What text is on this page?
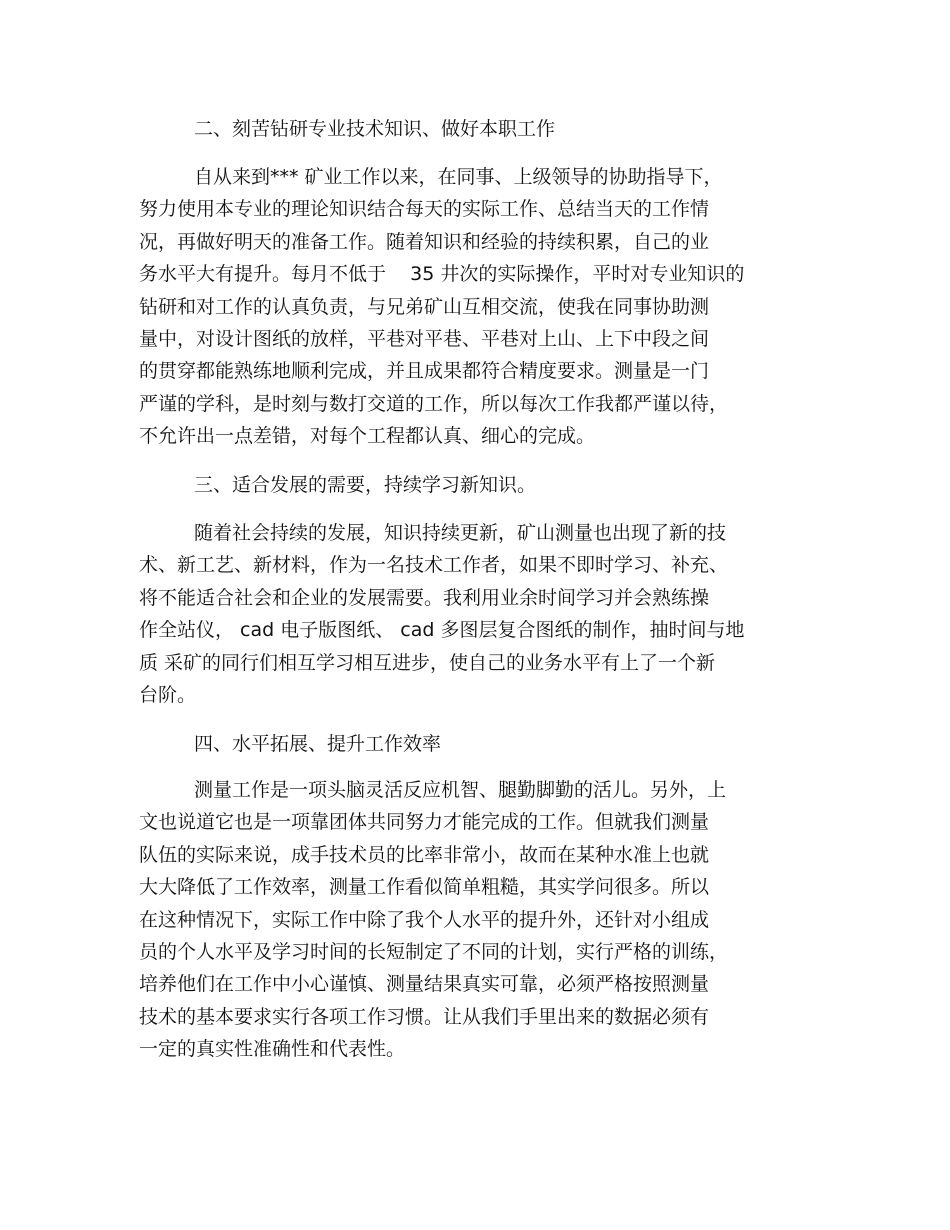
二、刻苦钻研专业技术知识、做好本职工作
自从来到*** 矿业工作以来，在同事、上级领导的协助指导下，
努力使用本专业的理论知识结合每天的实际工作、总结当天的工作情
况，再做好明天的准备工作。随着知识和经验的持续积累，自己的业
务水平大有提升。每月不低于    35 井次的实际操作，平时对专业知识的
钻研和对工作的认真负责，与兄弟矿山互相交流，使我在同事协助测
量中，对设计图纸的放样，平巷对平巷、平巷对上山、上下中段之间
的贯穿都能熟练地顺利完成，并且成果都符合精度要求。测量是一门
严谨的学科，是时刻与数打交道的工作，所以每次工作我都严谨以待，
不允许出一点差错，对每个工程都认真、细心的完成。
三、适合发展的需要，持续学习新知识。
随着社会持续的发展，知识持续更新，矿山测量也出现了新的技
术、新工艺、新材料，作为一名技术工作者，如果不即时学习、补充、
将不能适合社会和企业的发展需要。我利用业余时间学习并会熟练操
作全站仪， cad 电子版图纸、 cad 多图层复合图纸的制作，抽时间与地
质 采矿的同行们相互学习相互进步，使自己的业务水平有上了一个新
台阶。
四、水平拓展、提升工作效率
测量工作是一项头脑灵活反应机智、腿勤脚勤的活儿。另外，上
文也说道它也是一项靠团体共同努力才能完成的工作。但就我们测量
队伍的实际来说，成手技术员的比率非常小，故而在某种水准上也就
大大降低了工作效率，测量工作看似简单粗糙，其实学问很多。所以
在这种情况下，实际工作中除了我个人水平的提升外，还针对小组成
员的个人水平及学习时间的长短制定了不同的计划，实行严格的训练，
培养他们在工作中小心谨慎、测量结果真实可靠，必须严格按照测量
技术的基本要求实行各项工作习惯。让从我们手里出来的数据必须有
一定的真实性准确性和代表性。
